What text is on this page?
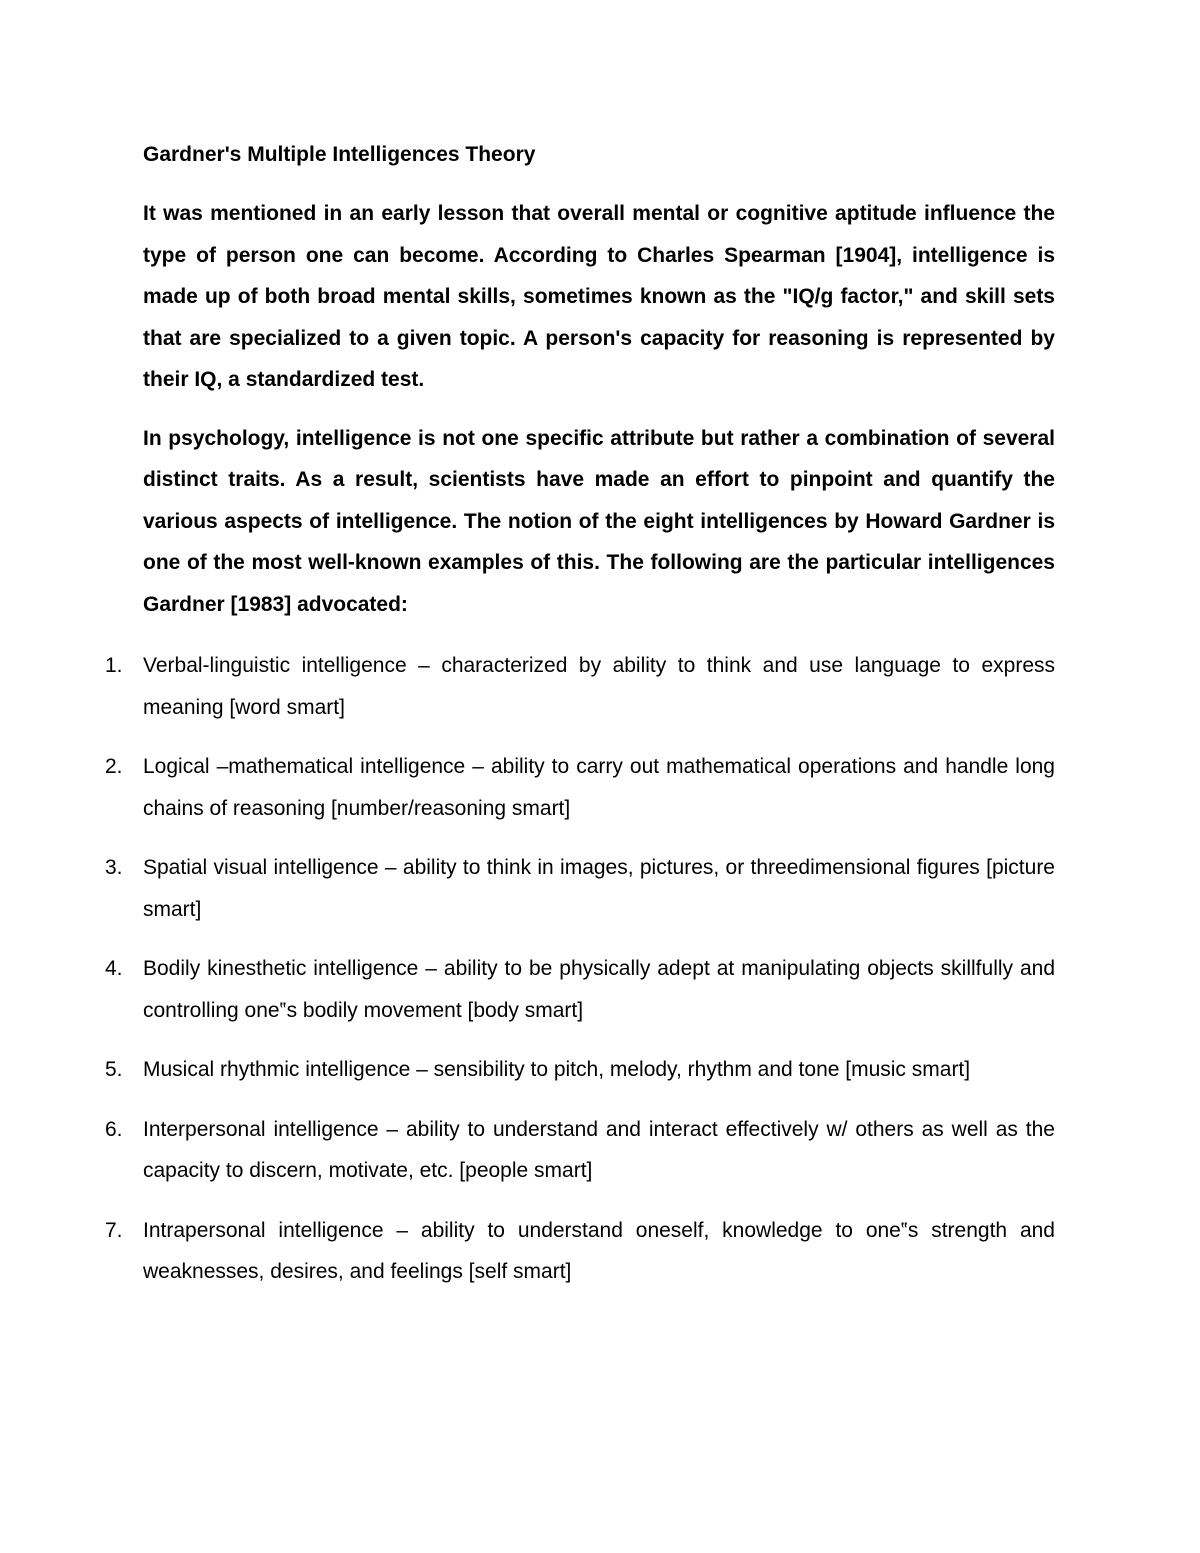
Gardner's Multiple Intelligences Theory

It was mentioned in an early lesson that overall mental or cognitive aptitude influence the type of person one can become. According to Charles Spearman [1904], intelligence is made up of both broad mental skills, sometimes known as the "IQ/g factor," and skill sets that are specialized to a given topic. A person's capacity for reasoning is represented by their IQ, a standardized test.

In psychology, intelligence is not one specific attribute but rather a combination of several distinct traits. As a result, scientists have made an effort to pinpoint and quantify the various aspects of intelligence. The notion of the eight intelligences by Howard Gardner is one of the most well-known examples of this. The following are the particular intelligences Gardner [1983] advocated:

1. Verbal-linguistic intelligence – characterized by ability to think and use language to express meaning [word smart]
2. Logical –mathematical intelligence – ability to carry out mathematical operations and handle long chains of reasoning [number/reasoning smart]
3. Spatial visual intelligence – ability to think in images, pictures, or threedimensional figures [picture smart]
4. Bodily kinesthetic intelligence – ability to be physically adept at manipulating objects skillfully and controlling one‟s bodily movement [body smart]
5. Musical rhythmic intelligence – sensibility to pitch, melody, rhythm and tone [music smart]
6. Interpersonal intelligence – ability to understand and interact effectively w/ others as well as the capacity to discern, motivate, etc. [people smart]
7. Intrapersonal intelligence – ability to understand oneself, knowledge to one‟s strength and weaknesses, desires, and feelings [self smart]
